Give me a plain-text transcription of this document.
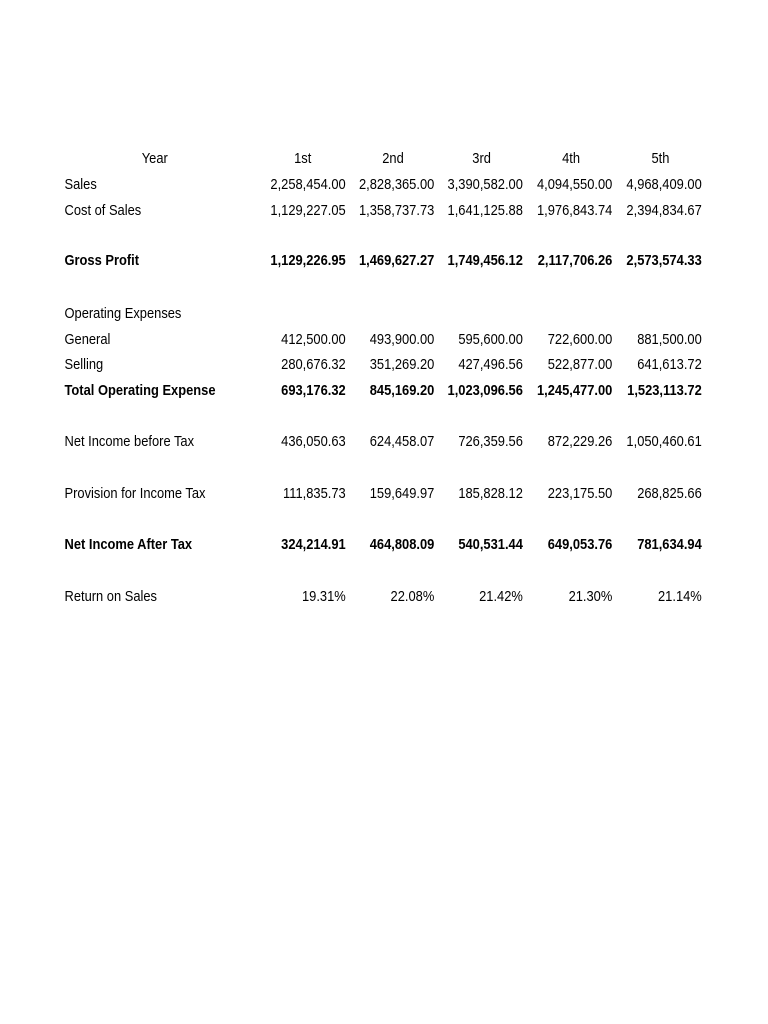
Year	1st	2nd	3rd	4th	5th
Sales	2,258,454.00 2,828,365.00 3,390,582.00 4,094,550.00 4,968,409.00
Cost of Sales	1,129,227.05 1,358,737.73 1,641,125.88 1,976,843.74 2,394,834.67
Gross Profit	1,129,226.95 1,469,627.27 1,749,456.12 2,117,706.26 2,573,574.33
Operating Expenses
General	412,500.00	493,900.00	595,600.00	722,600.00	881,500.00
Selling	280,676.32	351,269.20	427,496.56	522,877.00	641,613.72
Total Operating Expense	693,176.32	845,169.20 1,023,096.56 1,245,477.00 1,523,113.72
Net Income before Tax	436,050.63	624,458.07	726,359.56	872,229.26 1,050,460.61
Provision for Income Tax	111,835.73	159,649.97	185,828.12	223,175.50	268,825.66
Net Income After Tax	324,214.91	464,808.09	540,531.44	649,053.76	781,634.94
Return on Sales	19.31%	22.08%	21.42%	21.30%	21.14%
